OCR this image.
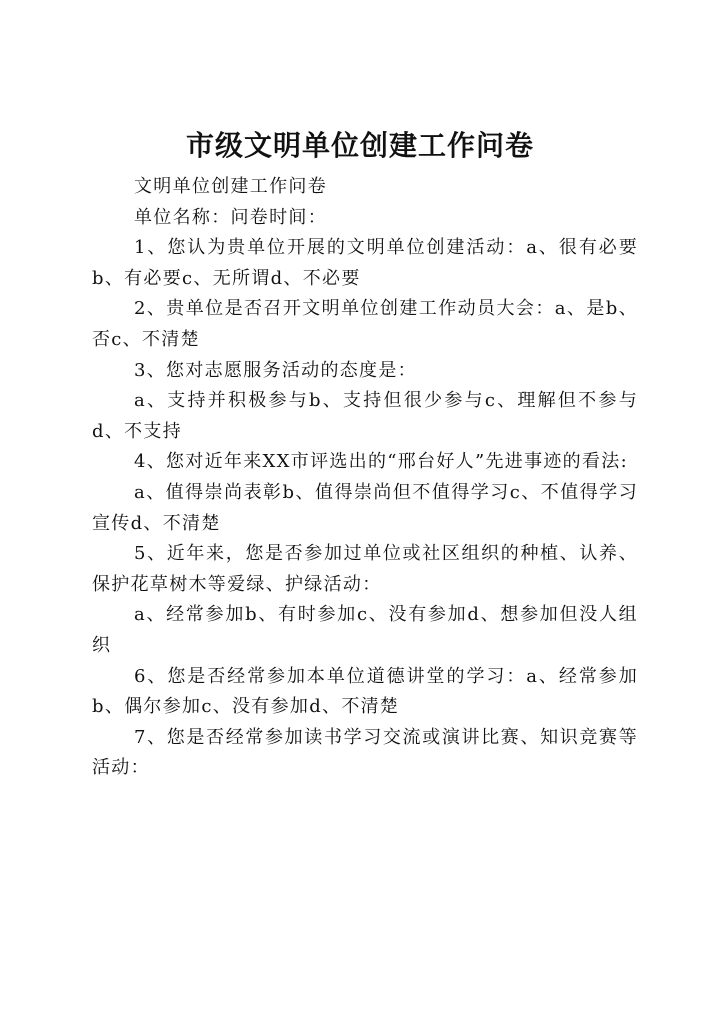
市级文明单位创建工作问卷

文明单位创建工作问卷

单位名称：问卷时间：

1、您认为贵单位开展的文明单位创建活动：a、很有必要b、有必要c、无所谓d、不必要

2、贵单位是否召开文明单位创建工作动员大会：a、是b、否c、不清楚

3、您对志愿服务活动的态度是：

a、支持并积极参与b、支持但很少参与c、理解但不参与d、不支持

4、您对近年来XX市评选出的“邢台好人”先进事迹的看法:

a、值得崇尚表彰b、值得崇尚但不值得学习c、不值得学习宣传d、不清楚

5、近年来，您是否参加过单位或社区组织的种植、认养、保护花草树木等爱绿、护绿活动：

a、经常参加b、有时参加c、没有参加d、想参加但没人组织

6、您是否经常参加本单位道德讲堂的学习：a、经常参加b、偶尔参加c、没有参加d、不清楚

7、您是否经常参加读书学习交流或演讲比赛、知识竞赛等活动：
